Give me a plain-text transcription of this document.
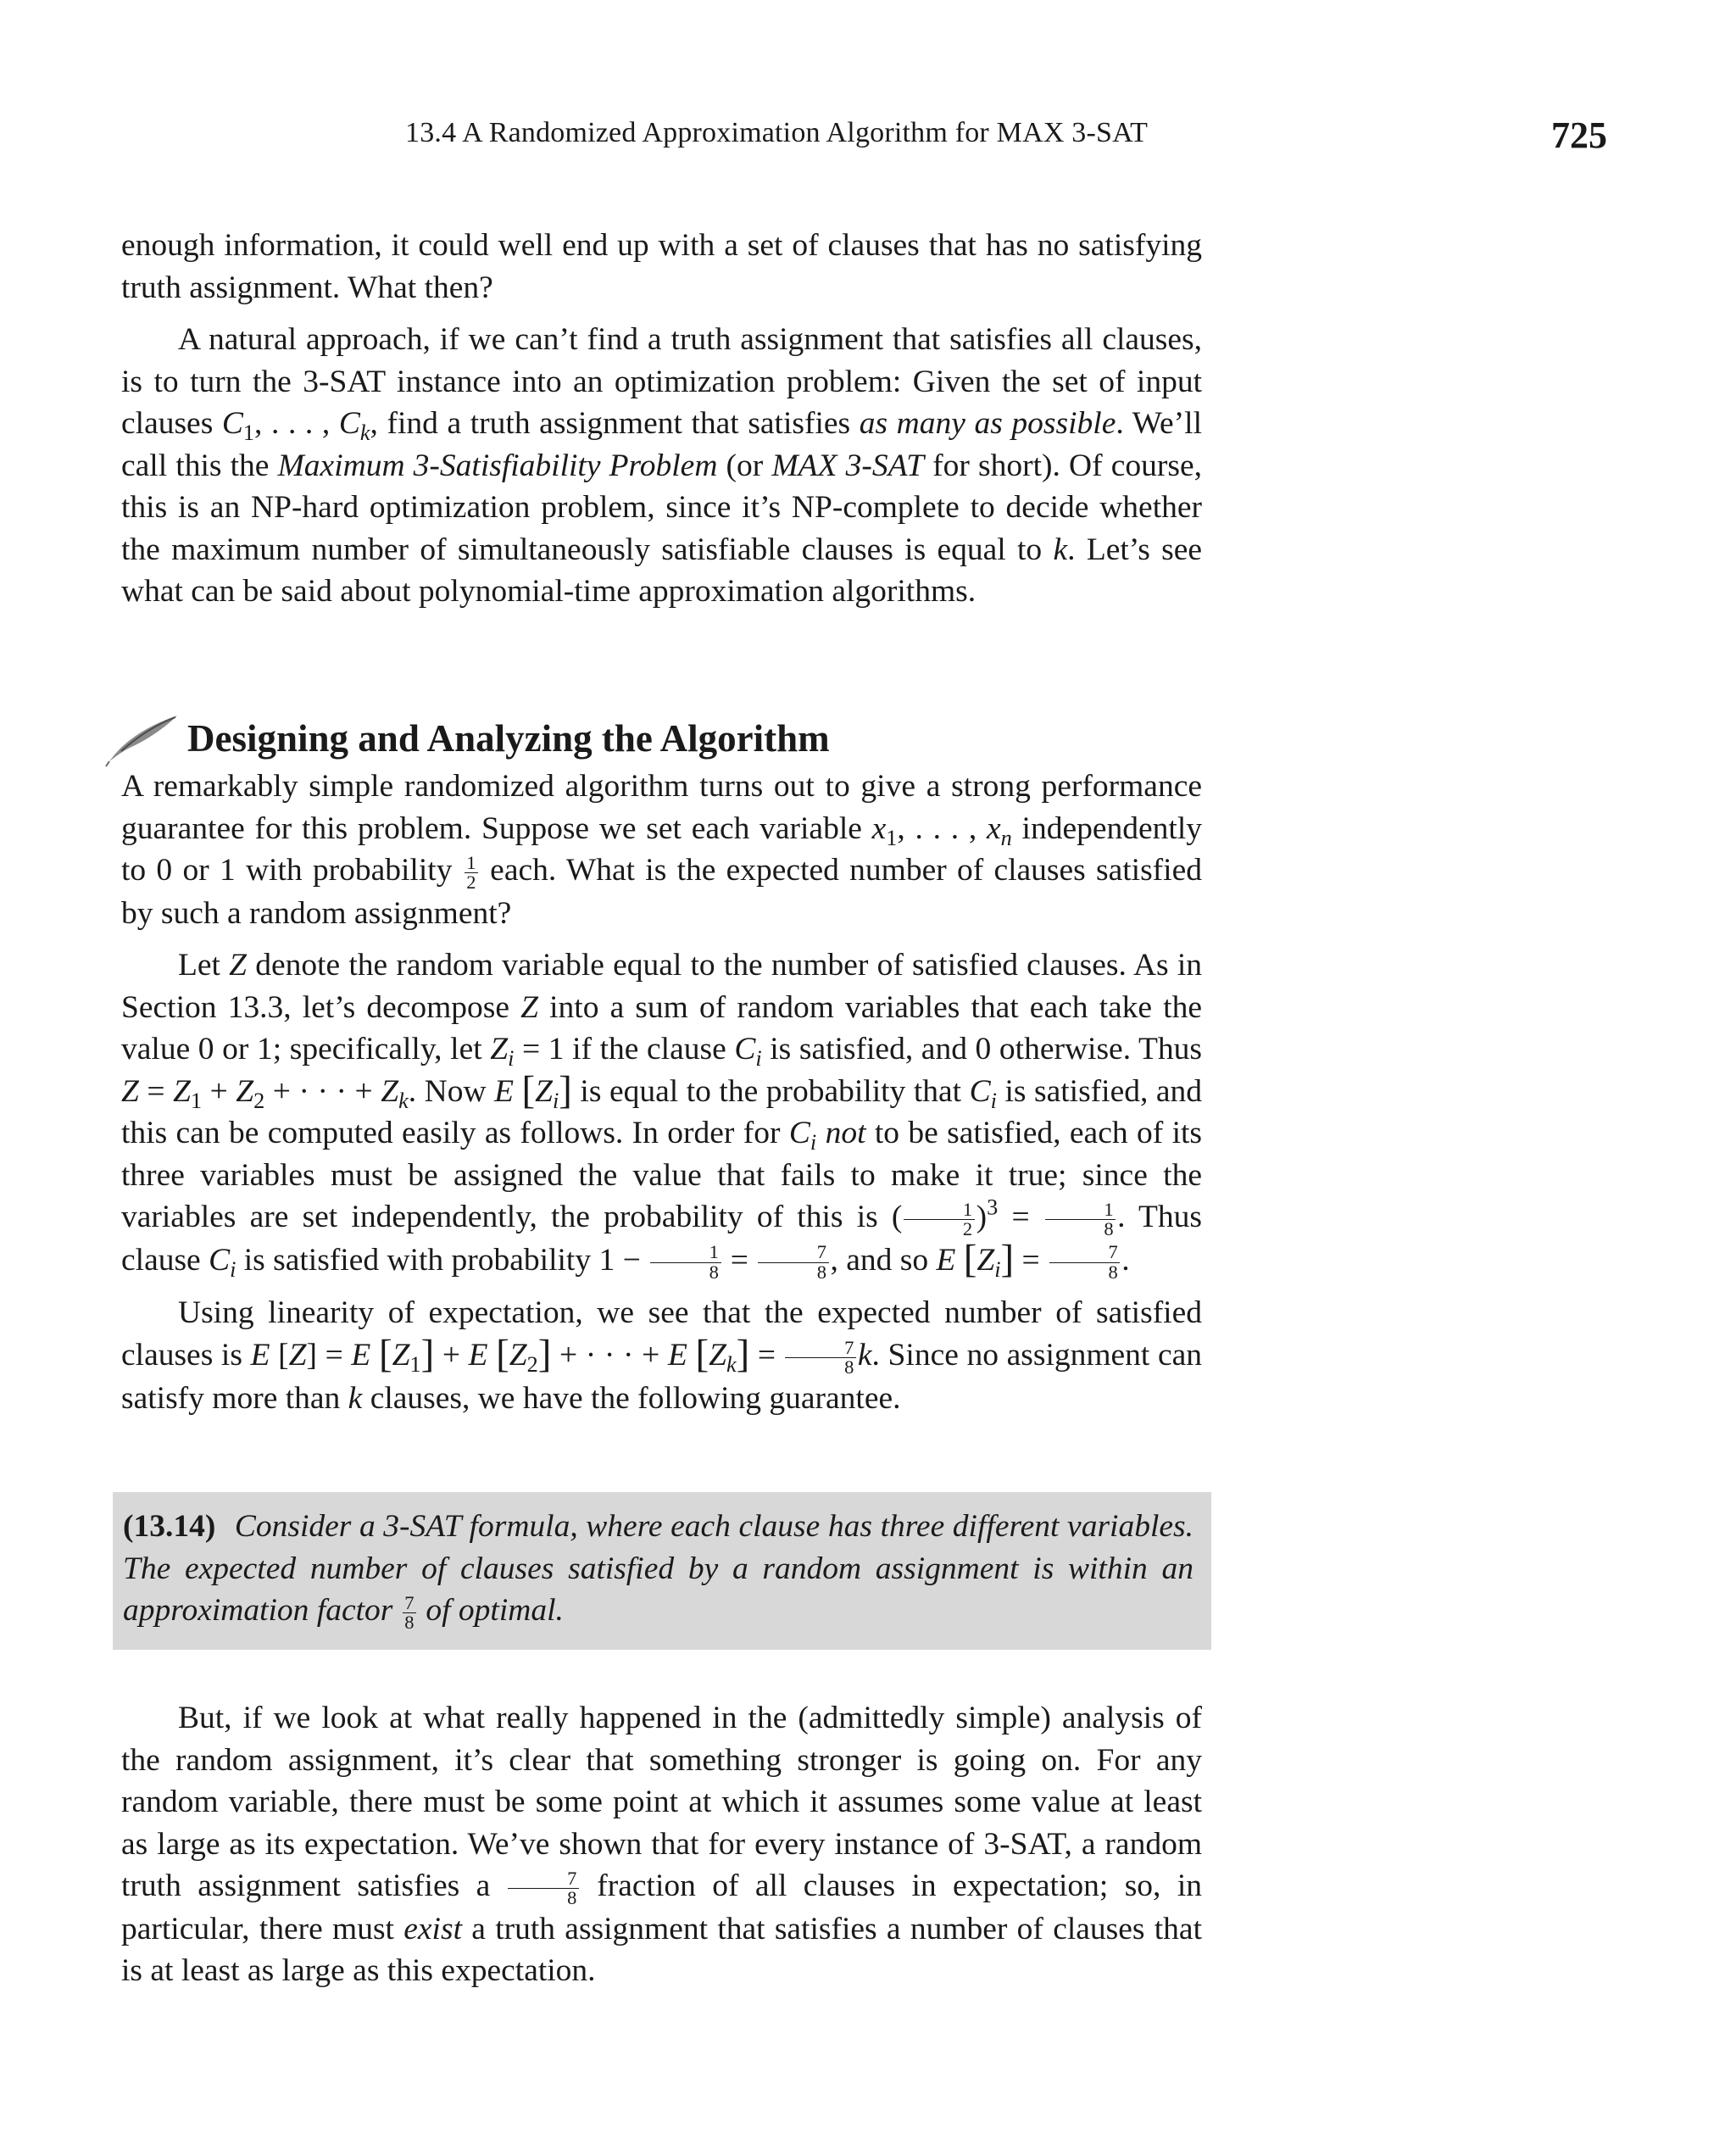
13.4 A Randomized Approximation Algorithm for MAX 3-SAT	725

enough information, it could well end up with a set of clauses that has no satisfying truth assignment. What then?

A natural approach, if we can’t find a truth assignment that satisfies all clauses, is to turn the 3-SAT instance into an optimization problem: Given the set of input clauses $C_1$, . . . , $C_k$, find a truth assignment that satisfies as many as possible. We’ll call this the Maximum 3-Satisfiability Problem (or MAX 3-SAT for short). Of course, this is an NP-hard optimization problem, since it’s NP-complete to decide whether the maximum number of simultaneously satisfiable clauses is equal to k. Let’s see what can be said about polynomial-time approximation algorithms.

Designing and Analyzing the Algorithm

A remarkably simple randomized algorithm turns out to give a strong performance guarantee for this problem. Suppose we set each variable $x_1$, . . . , $x_n$ independently to 0 or 1 with probability $\frac{1}{2}$ each. What is the expected number of clauses satisfied by such a random assignment?

Let Z denote the random variable equal to the number of satisfied clauses. As in Section 13.3, let’s decompose Z into a sum of random variables that each take the value 0 or 1; specifically, let $Z_i = 1$ if the clause $C_i$ is satisfied, and 0 otherwise. Thus $Z = Z_1 + Z_2$ + · · · + $Z_k$. Now E $[Z_i]$ is equal to the probability that $C_i$ is satisfied, and this can be computed easily as follows. In order for $C_i$ not to be satisfied, each of its three variables must be assigned the value that fails to make it true; since the variables are set independently, the probability of this is ( $\frac{1}{2} )^3 = \frac{1}{8}$ . Thus clause $C_i$ is satisfied with probability $1 - \frac{1}{8} = \frac{7}{8}$ , and so E $[Z_i] = \frac{7}{8}$ .

Using linearity of expectation, we see that the expected number of satisfied clauses is E [Z] = E $[Z_1] + E$ $[Z_2]$ + · · · + E $[Z_k] = \frac{7}{8} k$. Since no assignment can satisfy more than k clauses, we have the following guarantee.

(13.14) Consider a 3-SAT formula, where each clause has three different variables. The expected number of clauses satisfied by a random assignment is within an approximation factor $\frac{7}{8}$ of optimal.

But, if we look at what really happened in the (admittedly simple) analysis of the random assignment, it’s clear that something stronger is going on. For any random variable, there must be some point at which it assumes some value at least as large as its expectation. We’ve shown that for every instance of 3-SAT, a random truth assignment satisfies a $\frac{7}{8}$ fraction of all clauses in expectation; so, in particular, there must exist a truth assignment that satisfies a number of clauses that is at least as large as this expectation.
